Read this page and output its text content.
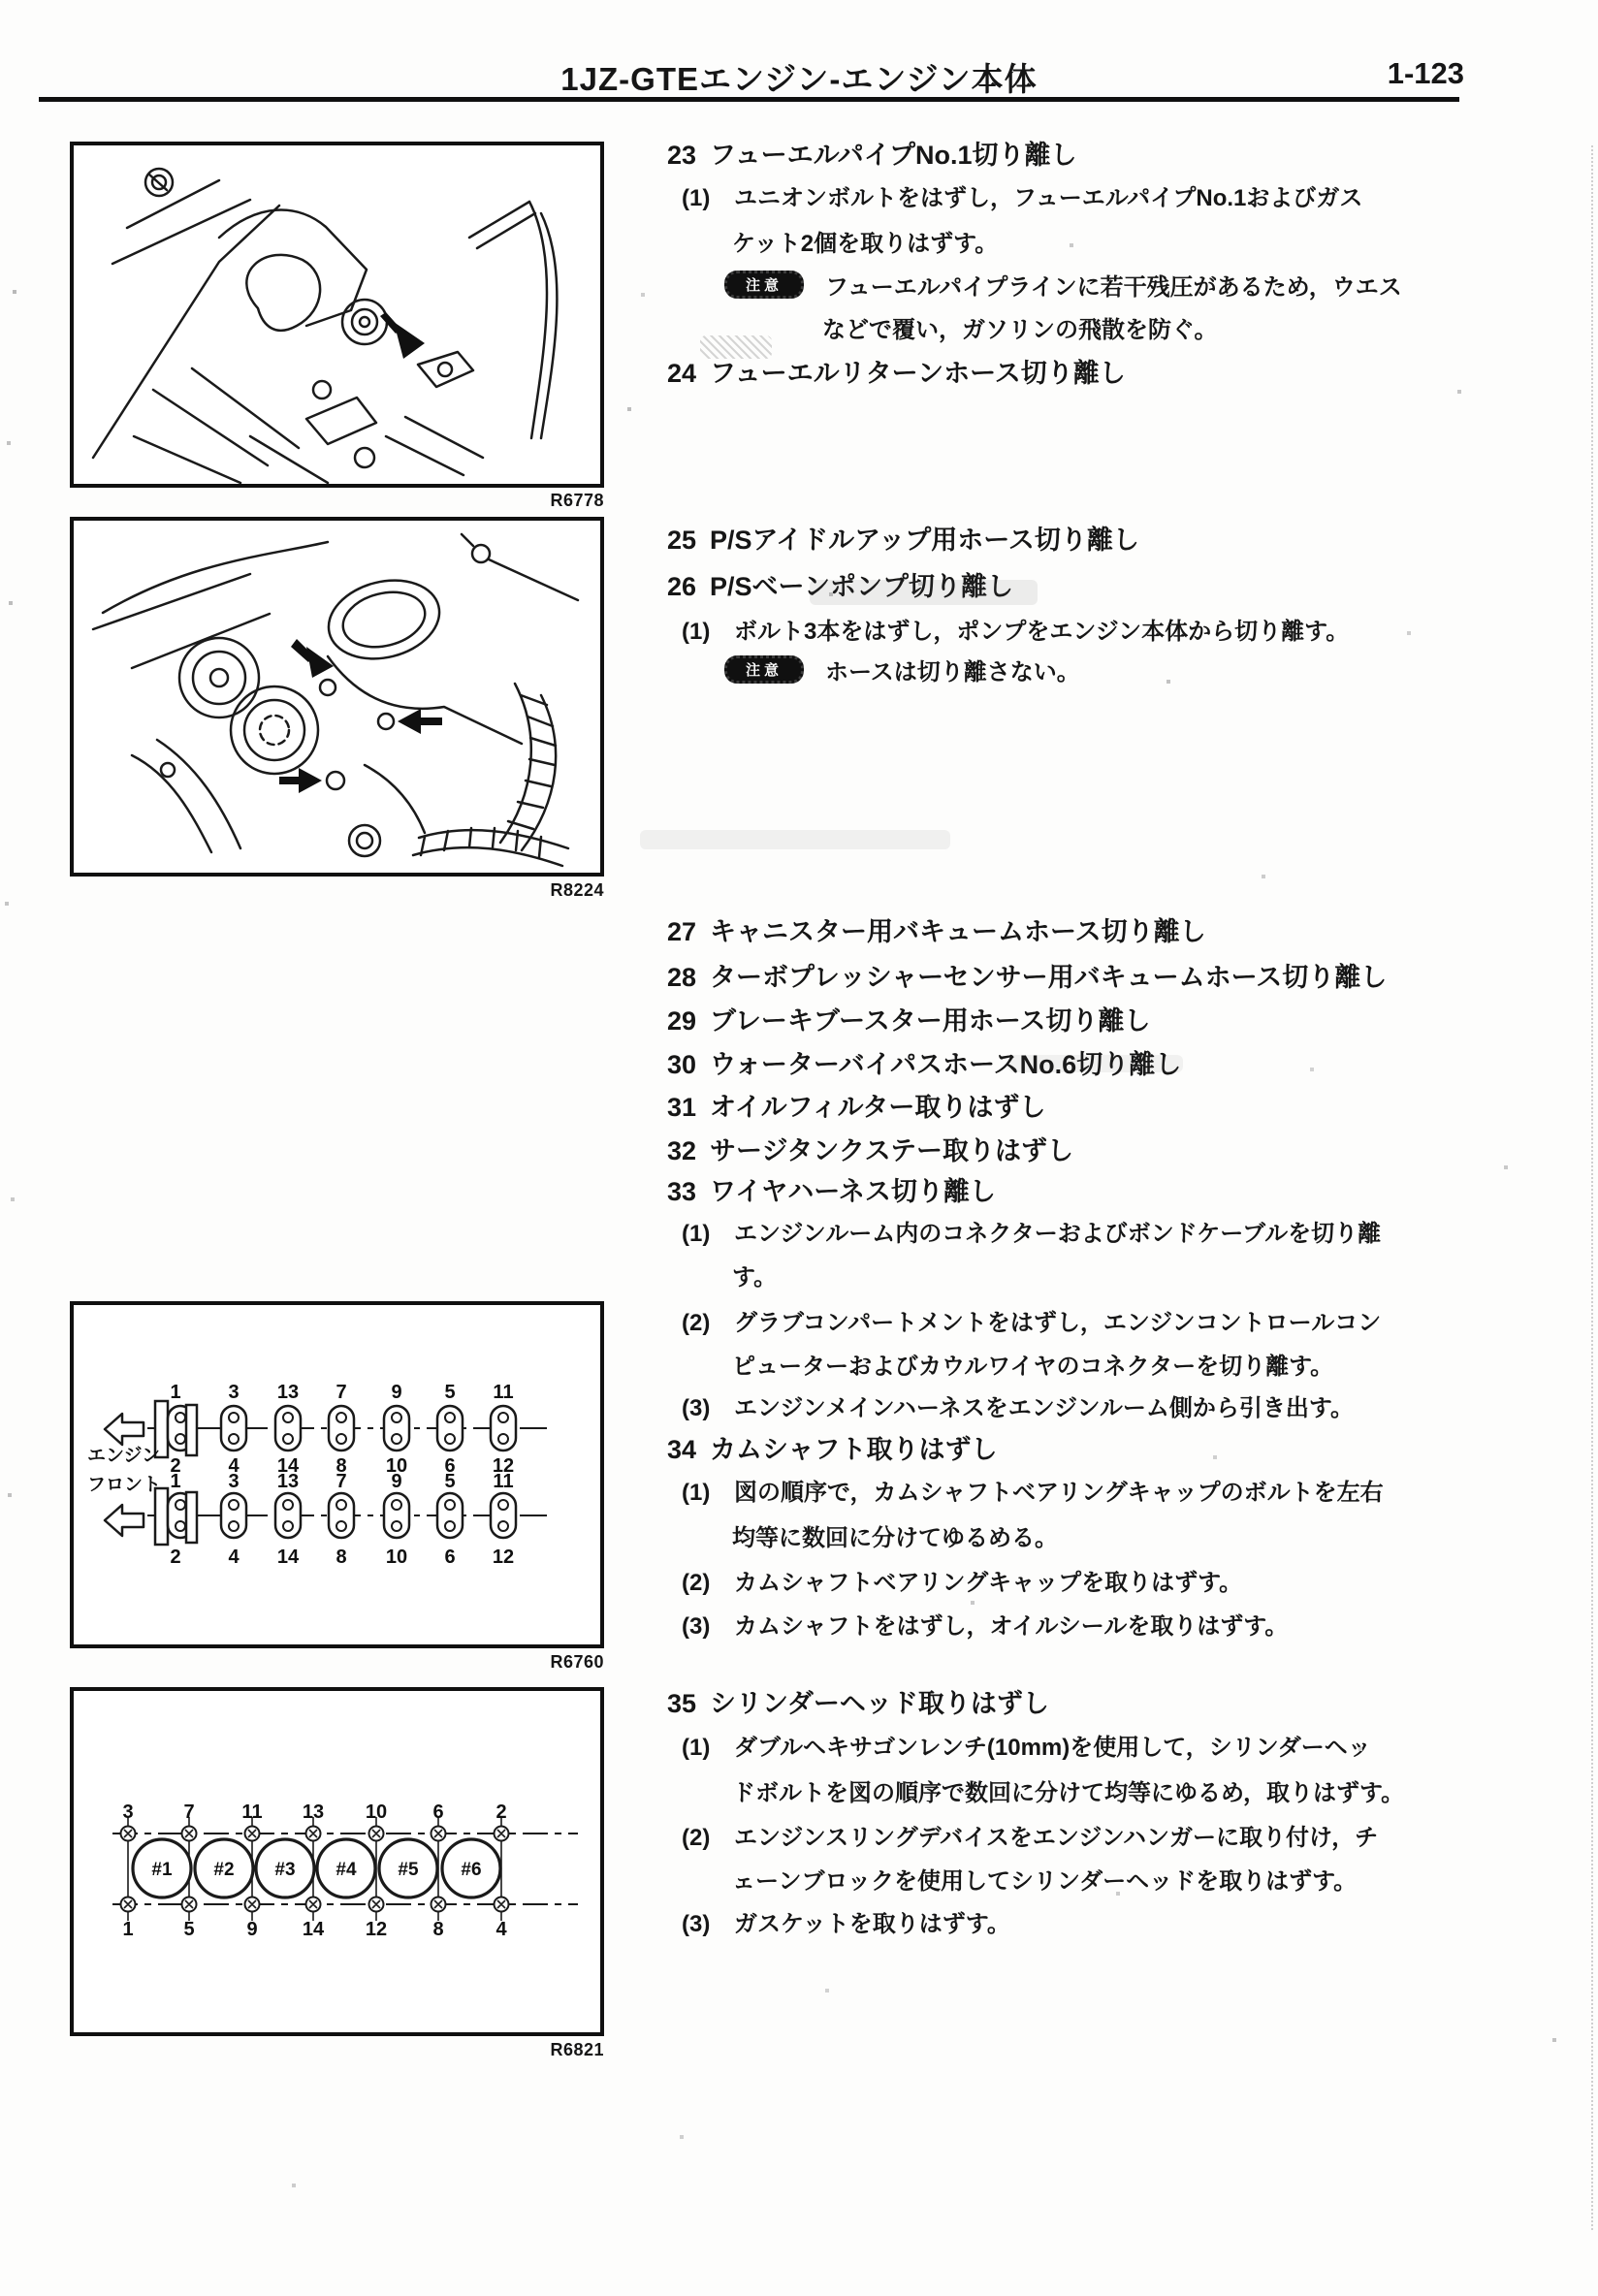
1JZ-GTEエンジン-エンジン本体	1-123
R6778
R8224
1 3 13 7 9 5 11
2 4 14 8 10 6 12
1 3 13 7 9 5 11
2 4 14 8 10 6 12
エンジン
フロント
R6760
#1 #2 #3 #4 #5 #6
3	7 11 13 10 6	2
1	5	9 14 12 8	4
R6821
23 フューエルパイプNo.1切り離し
(1) ユニオンボルトをはずし，フューエルパイプNo.1およびガス
ケット2個を取りはずす。
注意	フューエルパイプラインに若干残圧があるため，ウエス
などで覆い，ガソリンの飛散を防ぐ。
24 フューエルリターンホース切り離し
25 P/Sアイドルアップ用ホース切り離し
26 P/Sベーンポンプ切り離し
(1) ボルト3本をはずし，ポンプをエンジン本体から切り離す。
注意	ホースは切り離さない。
27 キャニスター用バキュームホース切り離し
28 ターボプレッシャーセンサー用バキュームホース切り離し
29 ブレーキブースター用ホース切り離し
30 ウォーターバイパスホースNo.6切り離し
31 オイルフィルター取りはずし
32 サージタンクステー取りはずし
33 ワイヤハーネス切り離し
(1) エンジンルーム内のコネクターおよびボンドケーブルを切り離
す。
(2) グラブコンパートメントをはずし，エンジンコントロールコン
ピューターおよびカウルワイヤのコネクターを切り離す。
(3) エンジンメインハーネスをエンジンルーム側から引き出す。
34 カムシャフト取りはずし
(1) 図の順序で，カムシャフトベアリングキャップのボルトを左右
均等に数回に分けてゆるめる。
(2) カムシャフトベアリングキャップを取りはずす。
(3) カムシャフトをはずし，オイルシールを取りはずす。
35 シリンダーヘッド取りはずし
(1) ダブルヘキサゴンレンチ(10mm)を使用して，シリンダーヘッ
ドボルトを図の順序で数回に分けて均等にゆるめ，取りはずす。
(2) エンジンスリングデバイスをエンジンハンガーに取り付け，チ
ェーンブロックを使用してシリンダーヘッドを取りはずす。
(3) ガスケットを取りはずす。
